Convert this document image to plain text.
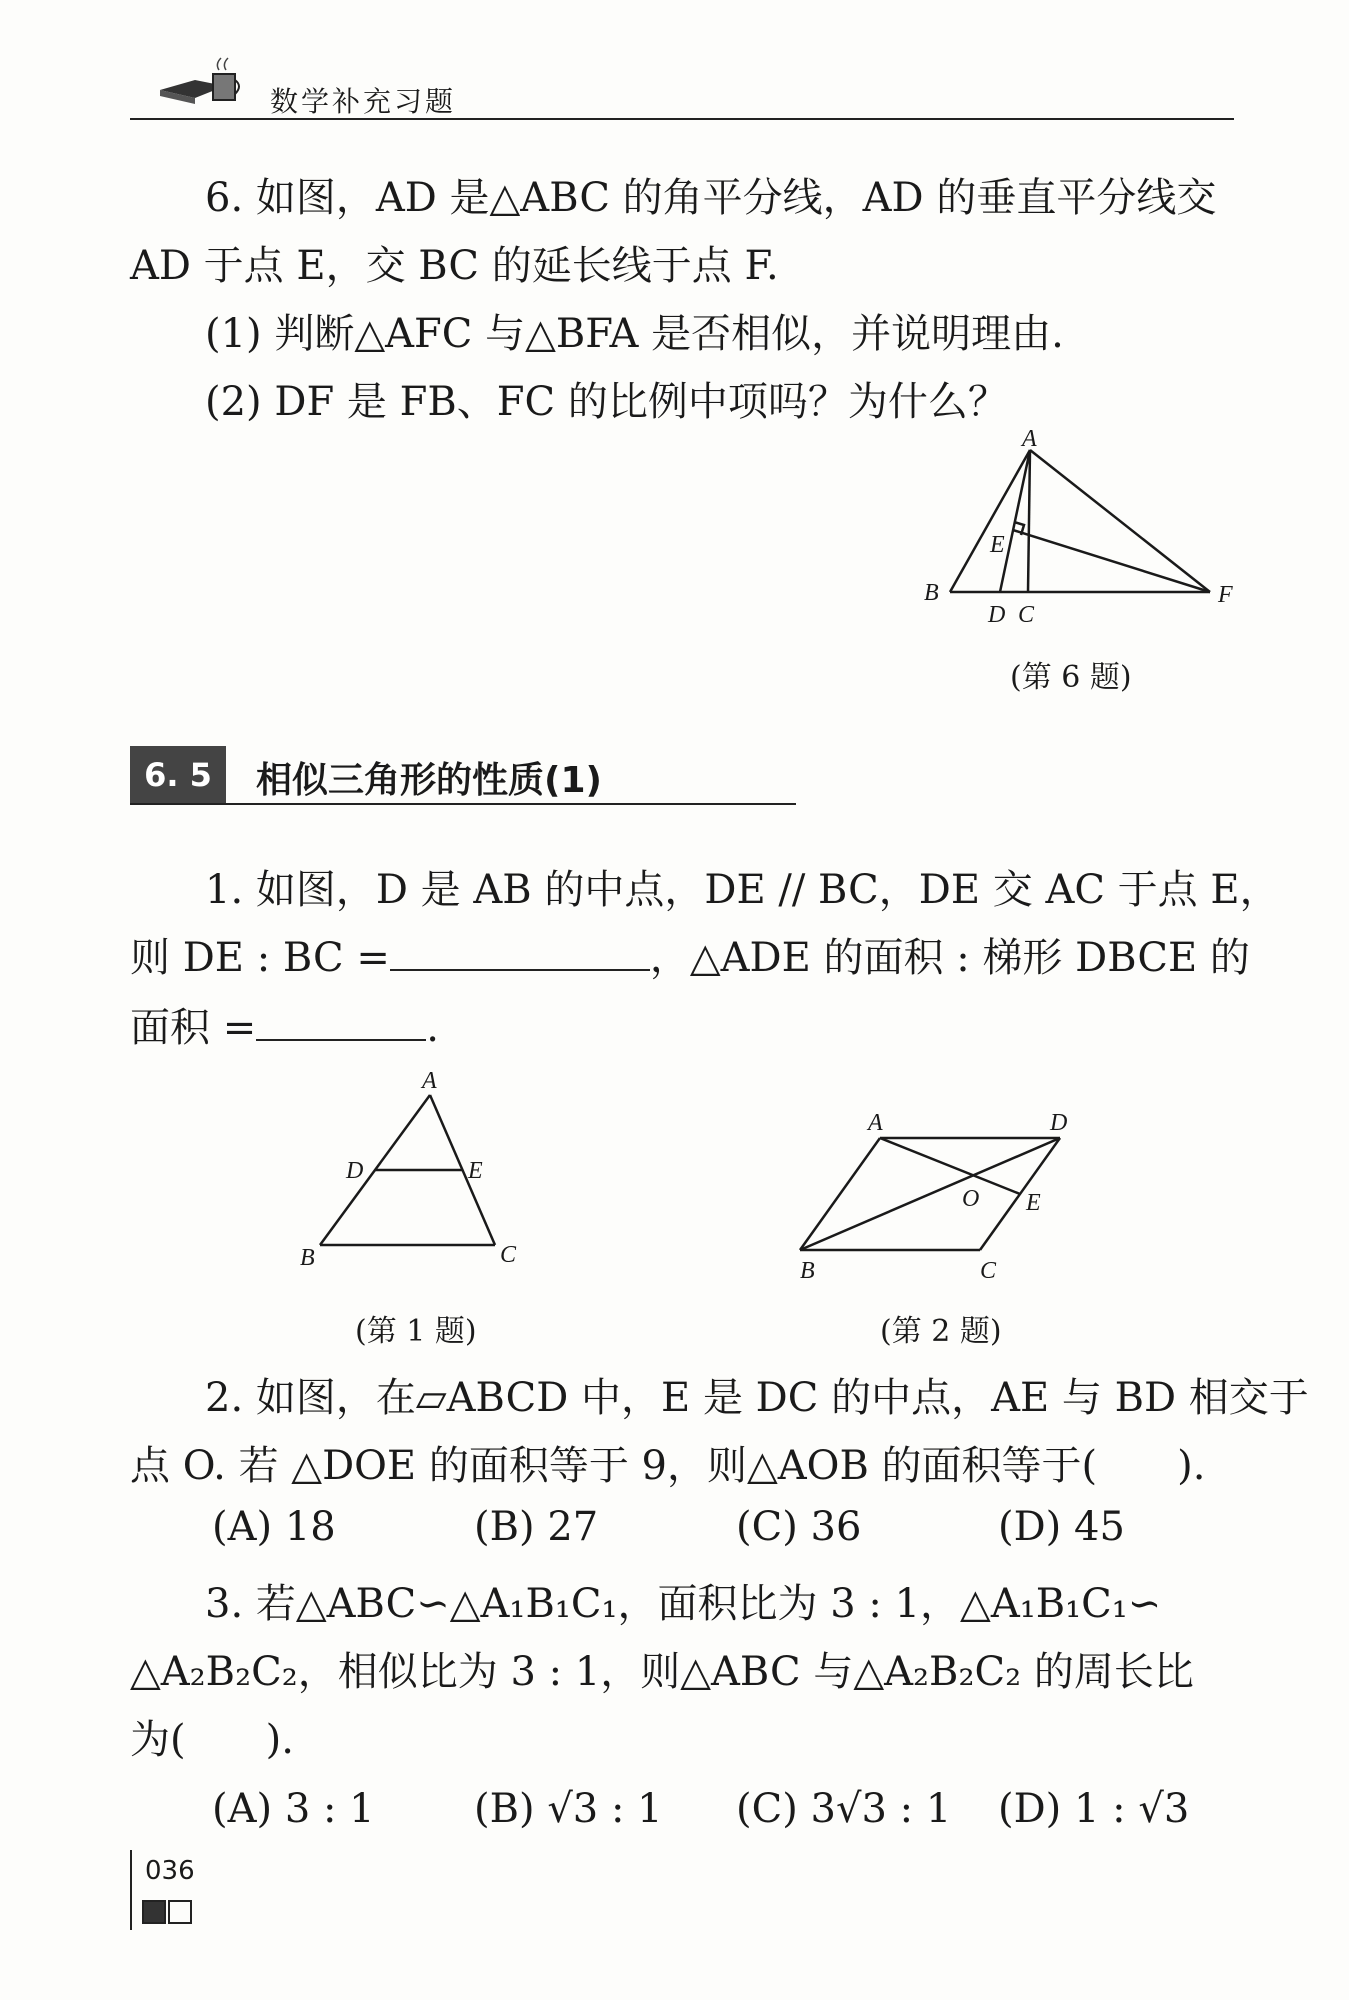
数学补充习题
6. 如图，AD 是△ABC 的角平分线，AD 的垂直平分线交
AD 于点 E，交 BC 的延长线于点 F.
(1) 判断△AFC 与△BFA 是否相似，并说明理由.
(2) DF 是 FB、FC 的比例中项吗？为什么？
A
E
B
D C
F
(第 6 题)
6. 5	相似三角形的性质(1)
1. 如图，D 是 AB 的中点，DE // BC，DE 交 AC 于点 E，
则 DE : BC =	，△ADE 的面积 : 梯形 DBCE 的
面积 =	.
A
D	E
B	C
(第 1 题)
A	D
O E
B	C
(第 2 题)
2. 如图，在▱ABCD 中，E 是 DC 的中点，AE 与 BD 相交于
点 O. 若 △DOE 的面积等于 9，则△AOB 的面积等于(　　).
(A) 18	(B) 27	(C) 36	(D) 45
3. 若△ABC∽△A₁B₁C₁，面积比为 3 : 1，△A₁B₁C₁∽
△A₂B₂C₂，相似比为 3 : 1，则△ABC 与△A₂B₂C₂ 的周长比
为(　　).
(A) 3 : 1 (B) √3 : 1 (C) 3√3 : 1 (D) 1 : √3
036
